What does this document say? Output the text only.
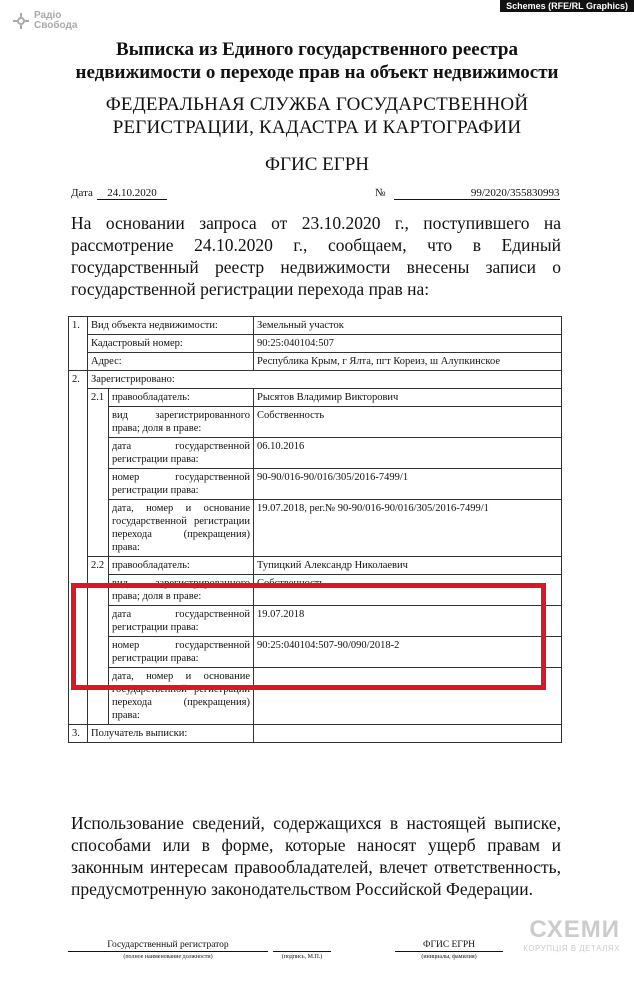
Schemes (RFE/RL Graphics)
Радіо
Свобода
Выписка из Единого государственного реестра
недвижимости о переходе прав на объект недвижимости
ФЕДЕРАЛЬНАЯ СЛУЖБА ГОСУДАРСТВЕННОЙ
РЕГИСТРАЦИИ, КАДАСТРА И КАРТОГРАФИИ
ФГИС ЕГРН
Дата 24.10.2020	№	99/2020/355830993
На основании запроса от 23.10.2020 г., поступившего на рассмотрение 24.10.2020 г., сообщаем, что в Единый государственный реестр недвижимости внесены записи о государственной регистрации перехода прав на:
1.	Вид объекта недвижимости:		Земельный участок
	Кадастровый номер:		90:25:040104:507
	Адрес:		Республика Крым, г Ялта, пгт Кореиз, ш Алупкинское
2.	Зарегистрировано:		
	2.1	правообладатель:	Рысятов Владимир Викторович
		вид зарегистрированного права; доля в праве:	Собственность
		дата государственной регистрации права:	06.10.2016
		номер государственной регистрации права:	90-90/016-90/016/305/2016-7499/1
		дата, номер и основание государственной регистрации перехода (прекращения) права:	19.07.2018, рег.№ 90-90/016-90/016/305/2016-7499/1
	2.2	правообладатель:	Тупицкий Александр Николаевич
		вид зарегистрированного права; доля в праве:	Собственность
		дата государственной регистрации права:	19.07.2018
		номер государственной регистрации права:	90:25:040104:507-90/090/2018-2
		дата, номер и основание государственной регистрации перехода (прекращения) права:	
3.	Получатель выписки:		
Использование сведений, содержащихся в настоящей выписке, способами или в форме, которые наносят ущерб правам и законным интересам правообладателей, влечет ответственность, предусмотренную законодательством Российской Федерации.
СХЕМИ
КОРУПЦІЯ В ДЕТАЛЯХ
Государственный регистратор
(полное наименование должности)
	(подпись, М.П.)
ФГИС ЕГРН
(инициалы, фамилия)
